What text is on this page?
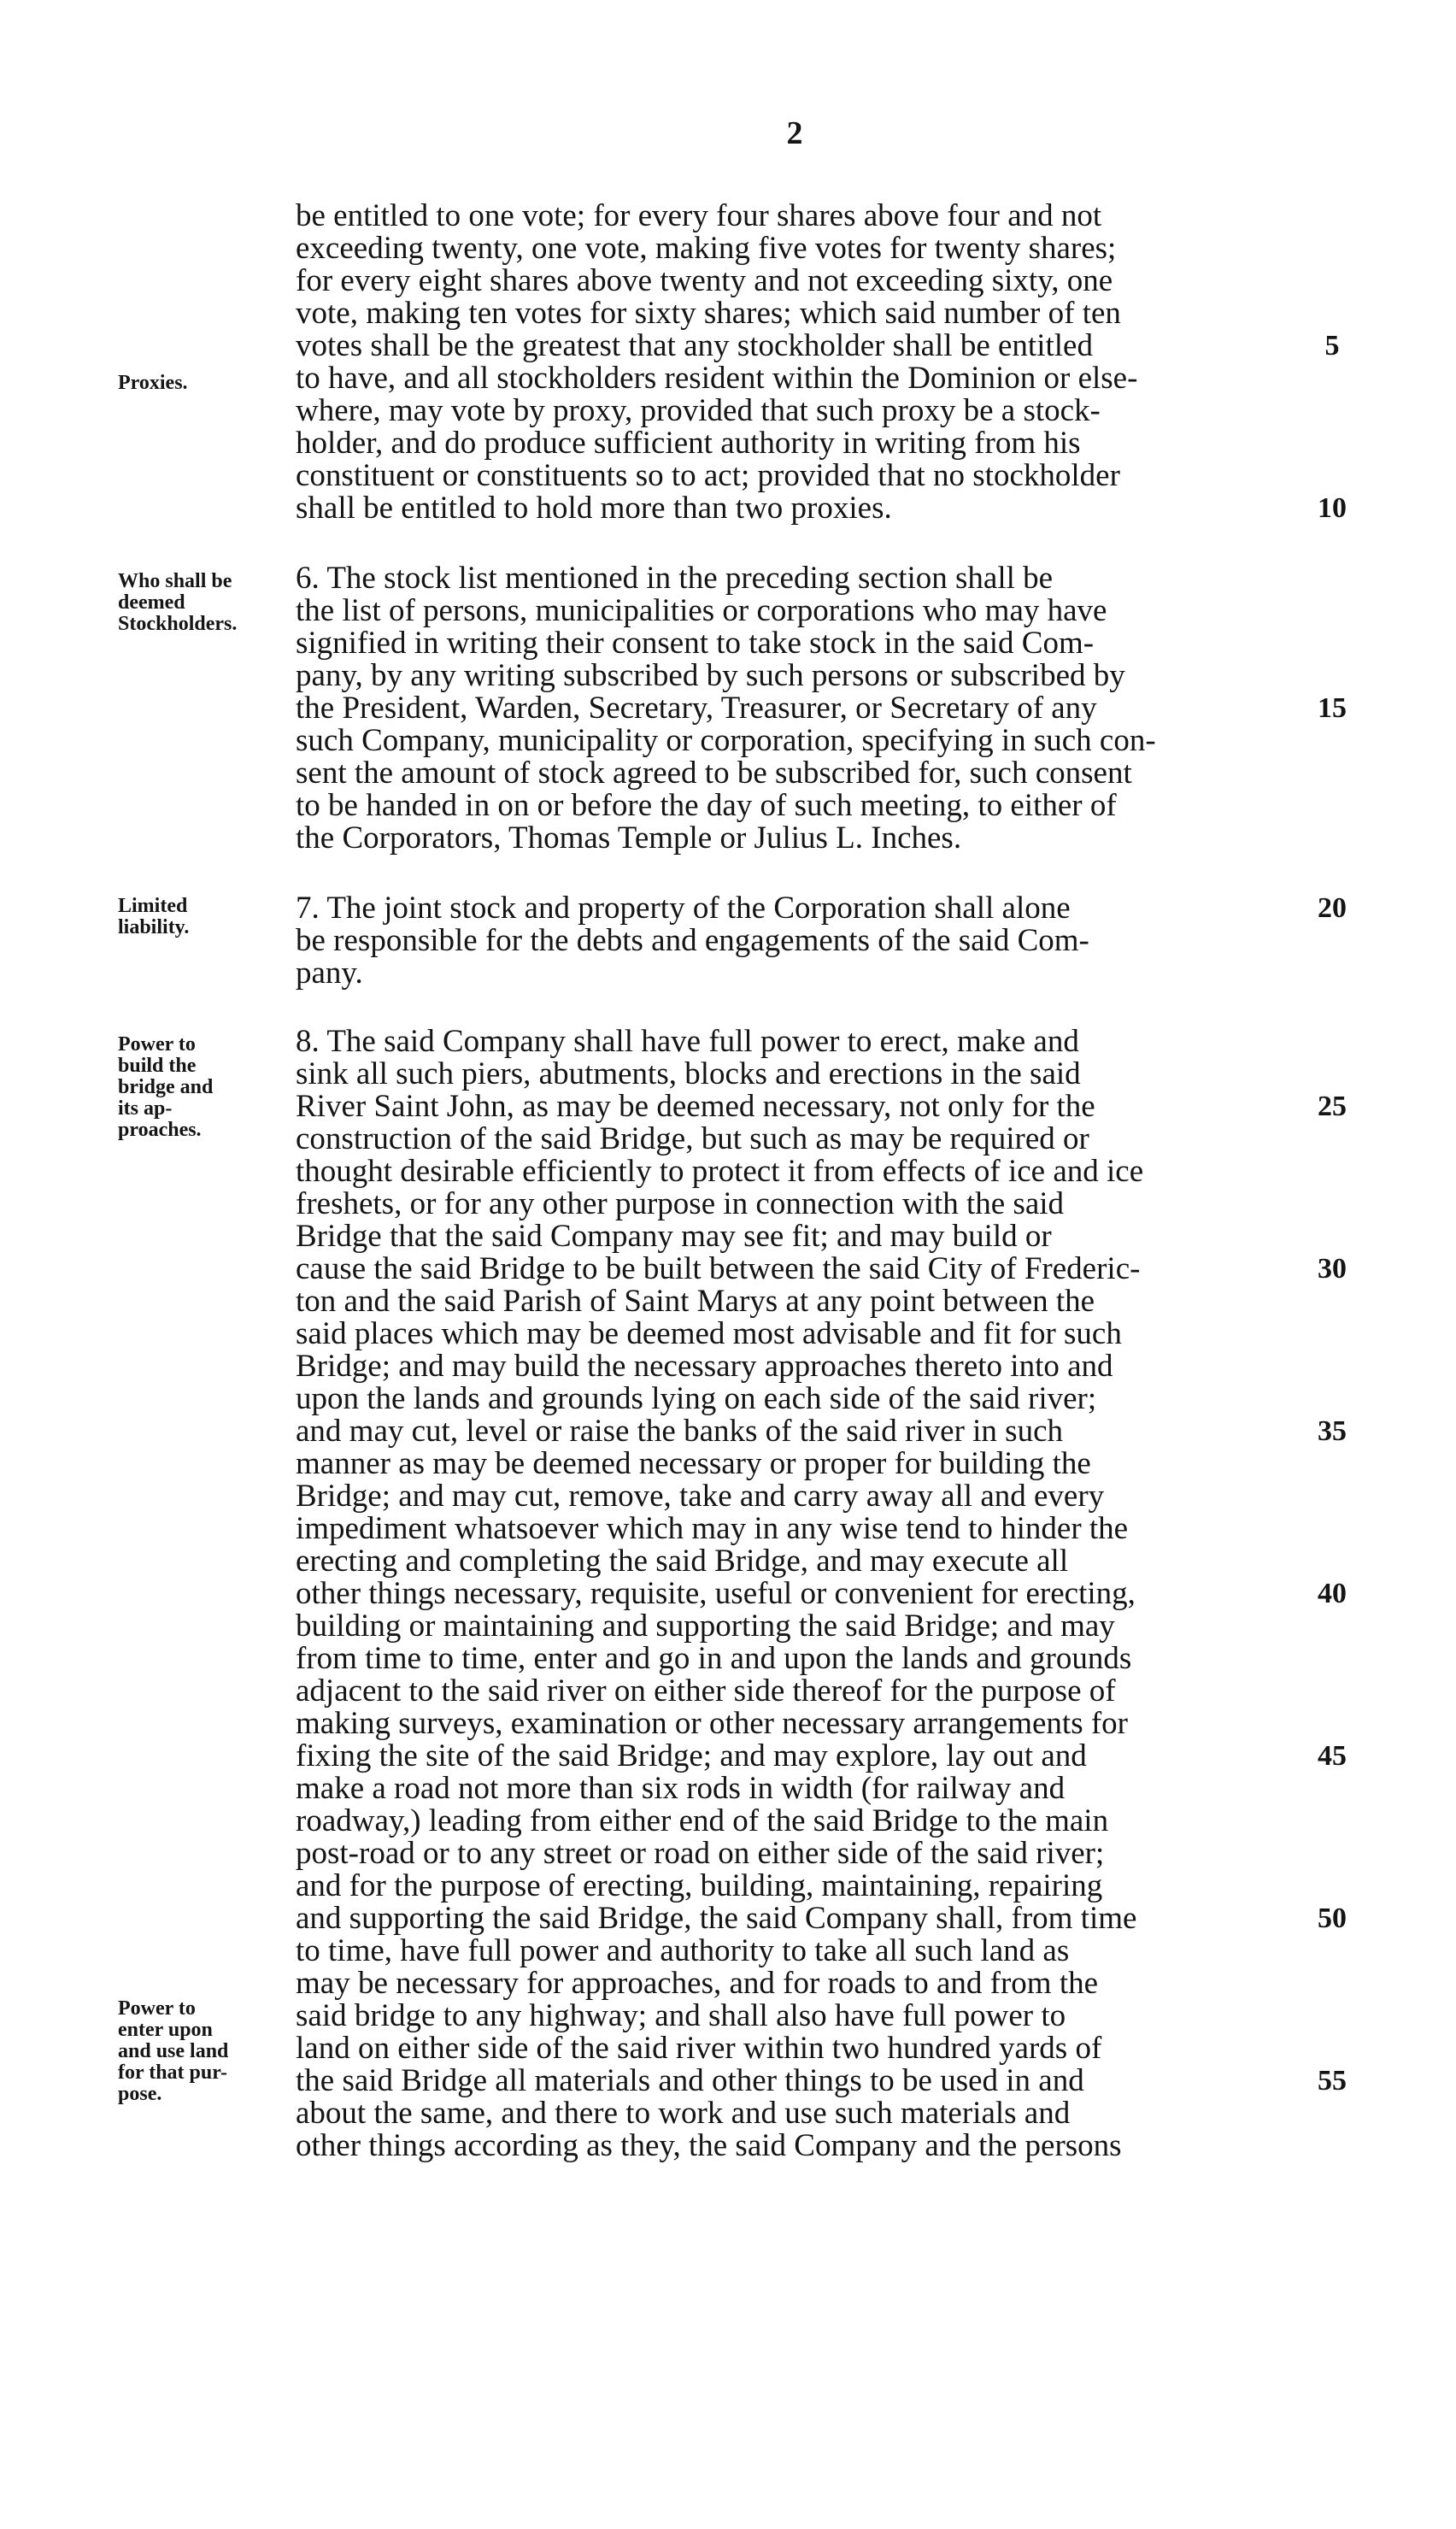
2
be entitled to one vote; for every four shares above four and not
exceeding twenty, one vote, making five votes for twenty shares;
for every eight shares above twenty and not exceeding sixty, one
vote, making ten votes for sixty shares; which said number of ten
votes shall be the greatest that any stockholder shall be entitled
to have, and all stockholders resident within the Dominion or else-
where, may vote by proxy, provided that such proxy be a stock-
holder, and do produce sufficient authority in writing from his
constituent or constituents so to act; provided that no stockholder
shall be entitled to hold more than two proxies.
6. The stock list mentioned in the preceding section shall be
the list of persons, municipalities or corporations who may have
signified in writing their consent to take stock in the said Com-
pany, by any writing subscribed by such persons or subscribed by
the President, Warden, Secretary, Treasurer, or Secretary of any
such Company, municipality or corporation, specifying in such con-
sent the amount of stock agreed to be subscribed for, such consent
to be handed in on or before the day of such meeting, to either of
the Corporators, Thomas Temple or Julius L. Inches.
7. The joint stock and property of the Corporation shall alone
be responsible for the debts and engagements of the said Com-
pany.
8. The said Company shall have full power to erect, make and
sink all such piers, abutments, blocks and erections in the said
River Saint John, as may be deemed necessary, not only for the
construction of the said Bridge, but such as may be required or
thought desirable efficiently to protect it from effects of ice and ice
freshets, or for any other purpose in connection with the said
Bridge that the said Company may see fit; and may build or
cause the said Bridge to be built between the said City of Frederic-
ton and the said Parish of Saint Marys at any point between the
said places which may be deemed most advisable and fit for such
Bridge; and may build the necessary approaches thereto into and
upon the lands and grounds lying on each side of the said river;
and may cut, level or raise the banks of the said river in such
manner as may be deemed necessary or proper for building the
Bridge; and may cut, remove, take and carry away all and every
impediment whatsoever which may in any wise tend to hinder the
erecting and completing the said Bridge, and may execute all
other things necessary, requisite, useful or convenient for erecting,
building or maintaining and supporting the said Bridge; and may
from time to time, enter and go in and upon the lands and grounds
adjacent to the said river on either side thereof for the purpose of
making surveys, examination or other necessary arrangements for
fixing the site of the said Bridge; and may explore, lay out and
make a road not more than six rods in width (for railway and
roadway,) leading from either end of the said Bridge to the main
post-road or to any street or road on either side of the said river;
and for the purpose of erecting, building, maintaining, repairing
and supporting the said Bridge, the said Company shall, from time
to time, have full power and authority to take all such land as
may be necessary for approaches, and for roads to and from the
said bridge to any highway; and shall also have full power to
land on either side of the said river within two hundred yards of
the said Bridge all materials and other things to be used in and
about the same, and there to work and use such materials and
other things according as they, the said Company and the persons
Proxies.
Who shall be
deemed
Stockholders.
Limited
liability.
Power to
build the
bridge and
its ap-
proaches.
Power to
enter upon
and use land
for that pur-
pose.
5
10
15
20
25
30
35
40
45
50
55
